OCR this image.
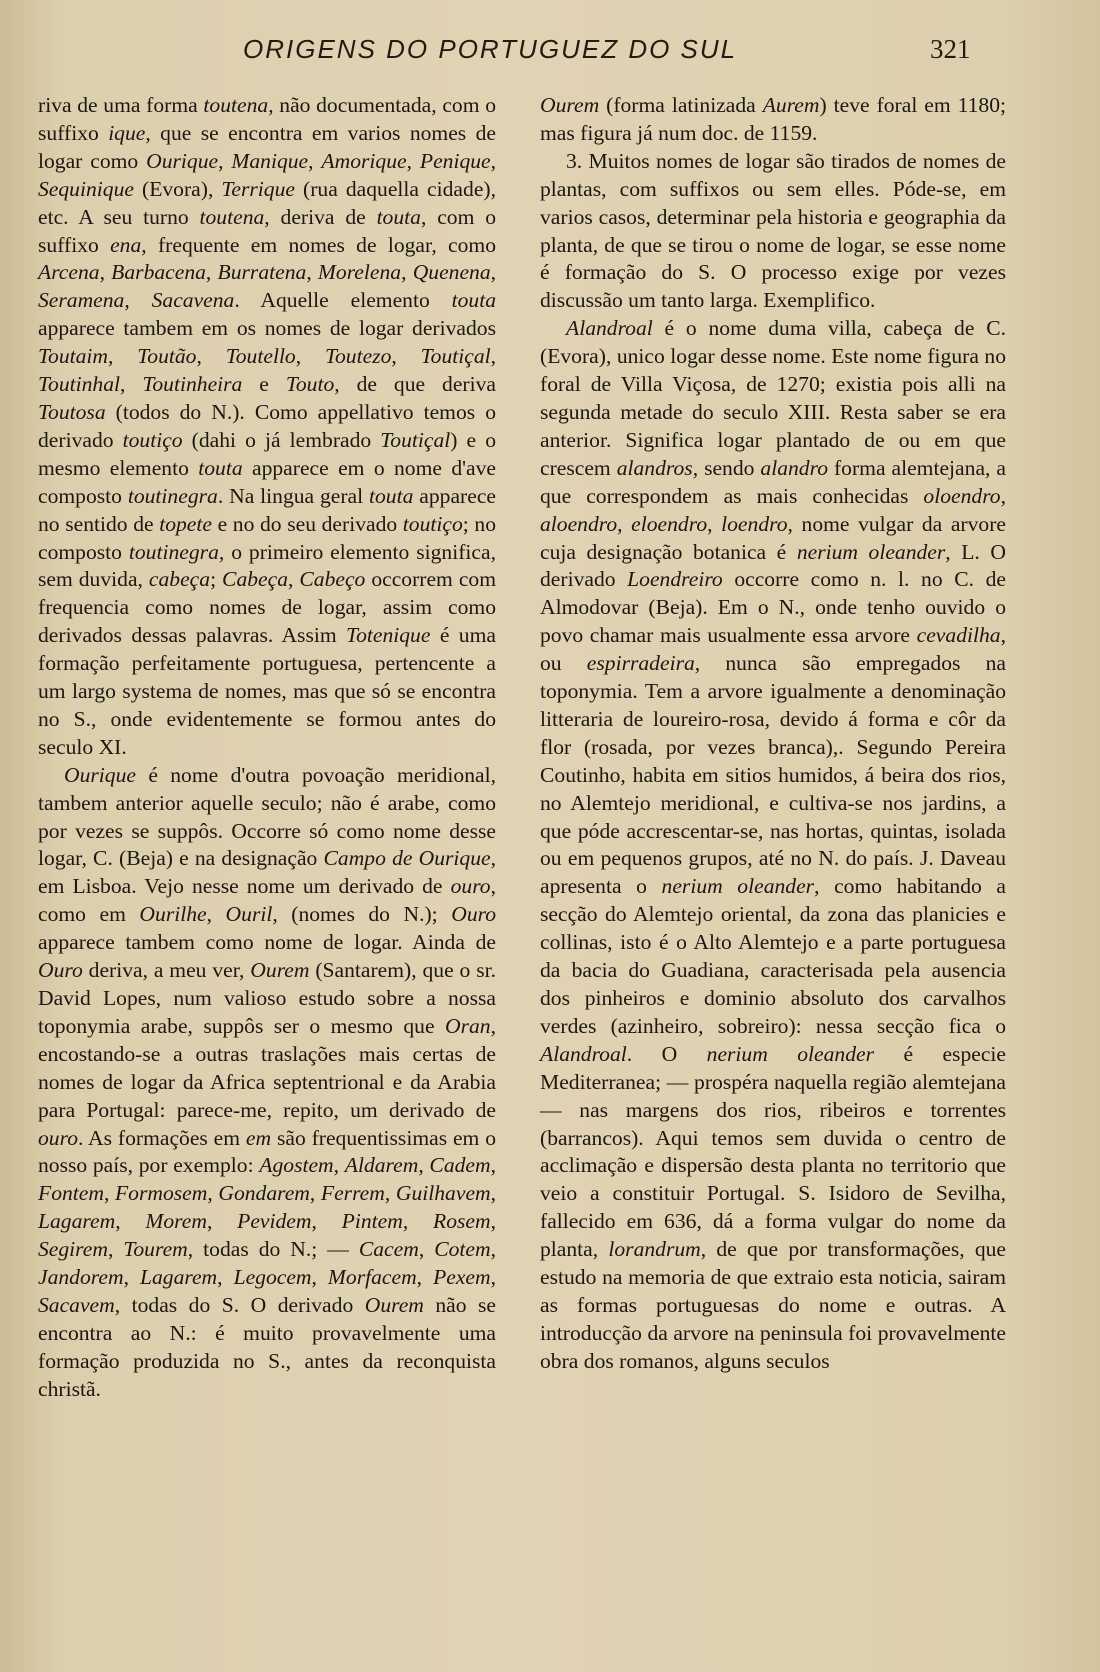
ORIGENS DO PORTUGUEZ DO SUL	321

riva de uma forma toutena, não documentada, com o suffixo ique, que se encontra em varios nomes de logar como Ourique, Manique, Amorique, Penique, Sequinique (Evora), Terrique (rua daquella cidade), etc. A seu turno toutena, deriva de touta, com o suffixo ena, frequente em nomes de logar, como Arcena, Barbacena, Burratena, Morelena, Quenena, Seramena, Sacavena. Aquelle elemento touta apparece tambem em os nomes de logar derivados Toutaim, Toutão, Toutello, Toutezo, Toutiçal, Toutinhal, Toutinheira e Touto, de que deriva Toutosa (todos do N.). Como appellativo temos o derivado toutiço (dahi o já lembrado Toutiçal) e o mesmo elemento touta apparece em o nome d'ave composto toutinegra. Na lingua geral touta apparece no sentido de topete e no do seu derivado toutiço; no composto toutinegra, o primeiro elemento significa, sem duvida, cabeça; Cabeça, Cabeço occorrem com frequencia como nomes de logar, assim como derivados dessas palavras. Assim Totenique é uma formação perfeitamente portuguesa, pertencente a um largo systema de nomes, mas que só se encontra no S., onde evidentemente se formou antes do seculo XI.

Ourique é nome d'outra povoação meridional, tambem anterior aquelle seculo; não é arabe, como por vezes se suppôs. Occorre só como nome desse logar, C. (Beja) e na designação Campo de Ourique, em Lisboa. Vejo nesse nome um derivado de ouro, como em Ourilhe, Ouril, (nomes do N.); Ouro apparece tambem como nome de logar. Ainda de Ouro deriva, a meu ver, Ourem (Santarem), que o sr. David Lopes, num valioso estudo sobre a nossa toponymia arabe, suppôs ser o mesmo que Oran, encostando-se a outras traslações mais certas de nomes de logar da Africa septentrional e da Arabia para Portugal: parece-me, repito, um derivado de ouro. As formações em em são frequentissimas em o nosso país, por exemplo: Agostem, Aldarem, Cadem, Fontem, Formosem, Gondarem, Ferrem, Guilhavem, Lagarem, Morem, Pevidem, Pintem, Rosem, Segirem, Tourem, todas do N.; — Cacem, Cotem, Jandorem, Lagarem, Legocem, Morfacem, Pexem, Sacavem, todas do S. O derivado Ourem não se encontra ao N.: é muito provavelmente uma formação produzida no S., antes da reconquista christã.

Ourem (forma latinizada Aurem) teve foral em 1180; mas figura já num doc. de 1159.

3. Muitos nomes de logar são tirados de nomes de plantas, com suffixos ou sem elles. Póde-se, em varios casos, determinar pela historia e geographia da planta, de que se tirou o nome de logar, se esse nome é formação do S. O processo exige por vezes discussão um tanto larga. Exemplifico.

Alandroal é o nome duma villa, cabeça de C. (Evora), unico logar desse nome. Este nome figura no foral de Villa Viçosa, de 1270; existia pois alli na segunda metade do seculo XIII. Resta saber se era anterior. Significa logar plantado de ou em que crescem alandros, sendo alandro forma alemtejana, a que correspondem as mais conhecidas oloendro, aloendro, eloendro, loendro, nome vulgar da arvore cuja designação botanica é nerium oleander, L. O derivado Loendreiro occorre como n. l. no C. de Almodovar (Beja). Em o N., onde tenho ouvido o povo chamar mais usualmente essa arvore cevadilha, ou espirradeira, nunca são empregados na toponymia. Tem a arvore igualmente a denominação litteraria de loureiro-rosa, devido á forma e côr da flor (rosada, por vezes branca),. Segundo Pereira Coutinho, habita em sitios humidos, á beira dos rios, no Alemtejo meridional, e cultiva-se nos jardins, a que póde accrescentar-se, nas hortas, quintas, isolada ou em pequenos grupos, até no N. do país. J. Daveau apresenta o nerium oleander, como habitando a secção do Alemtejo oriental, da zona das planicies e collinas, isto é o Alto Alemtejo e a parte portuguesa da bacia do Guadiana, caracterisada pela ausencia dos pinheiros e dominio absoluto dos carvalhos verdes (azinheiro, sobreiro): nessa secção fica o Alandroal. O nerium oleander é especie Mediterranea; — prospéra naquella região alemtejana — nas margens dos rios, ribeiros e torrentes (barrancos). Aqui temos sem duvida o centro de acclimação e dispersão desta planta no territorio que veio a constituir Portugal. S. Isidoro de Sevilha, fallecido em 636, dá a forma vulgar do nome da planta, lorandrum, de que por transformações, que estudo na memoria de que extraio esta noticia, sairam as formas portuguesas do nome e outras. A introducção da arvore na peninsula foi provavelmente obra dos romanos, alguns seculos
